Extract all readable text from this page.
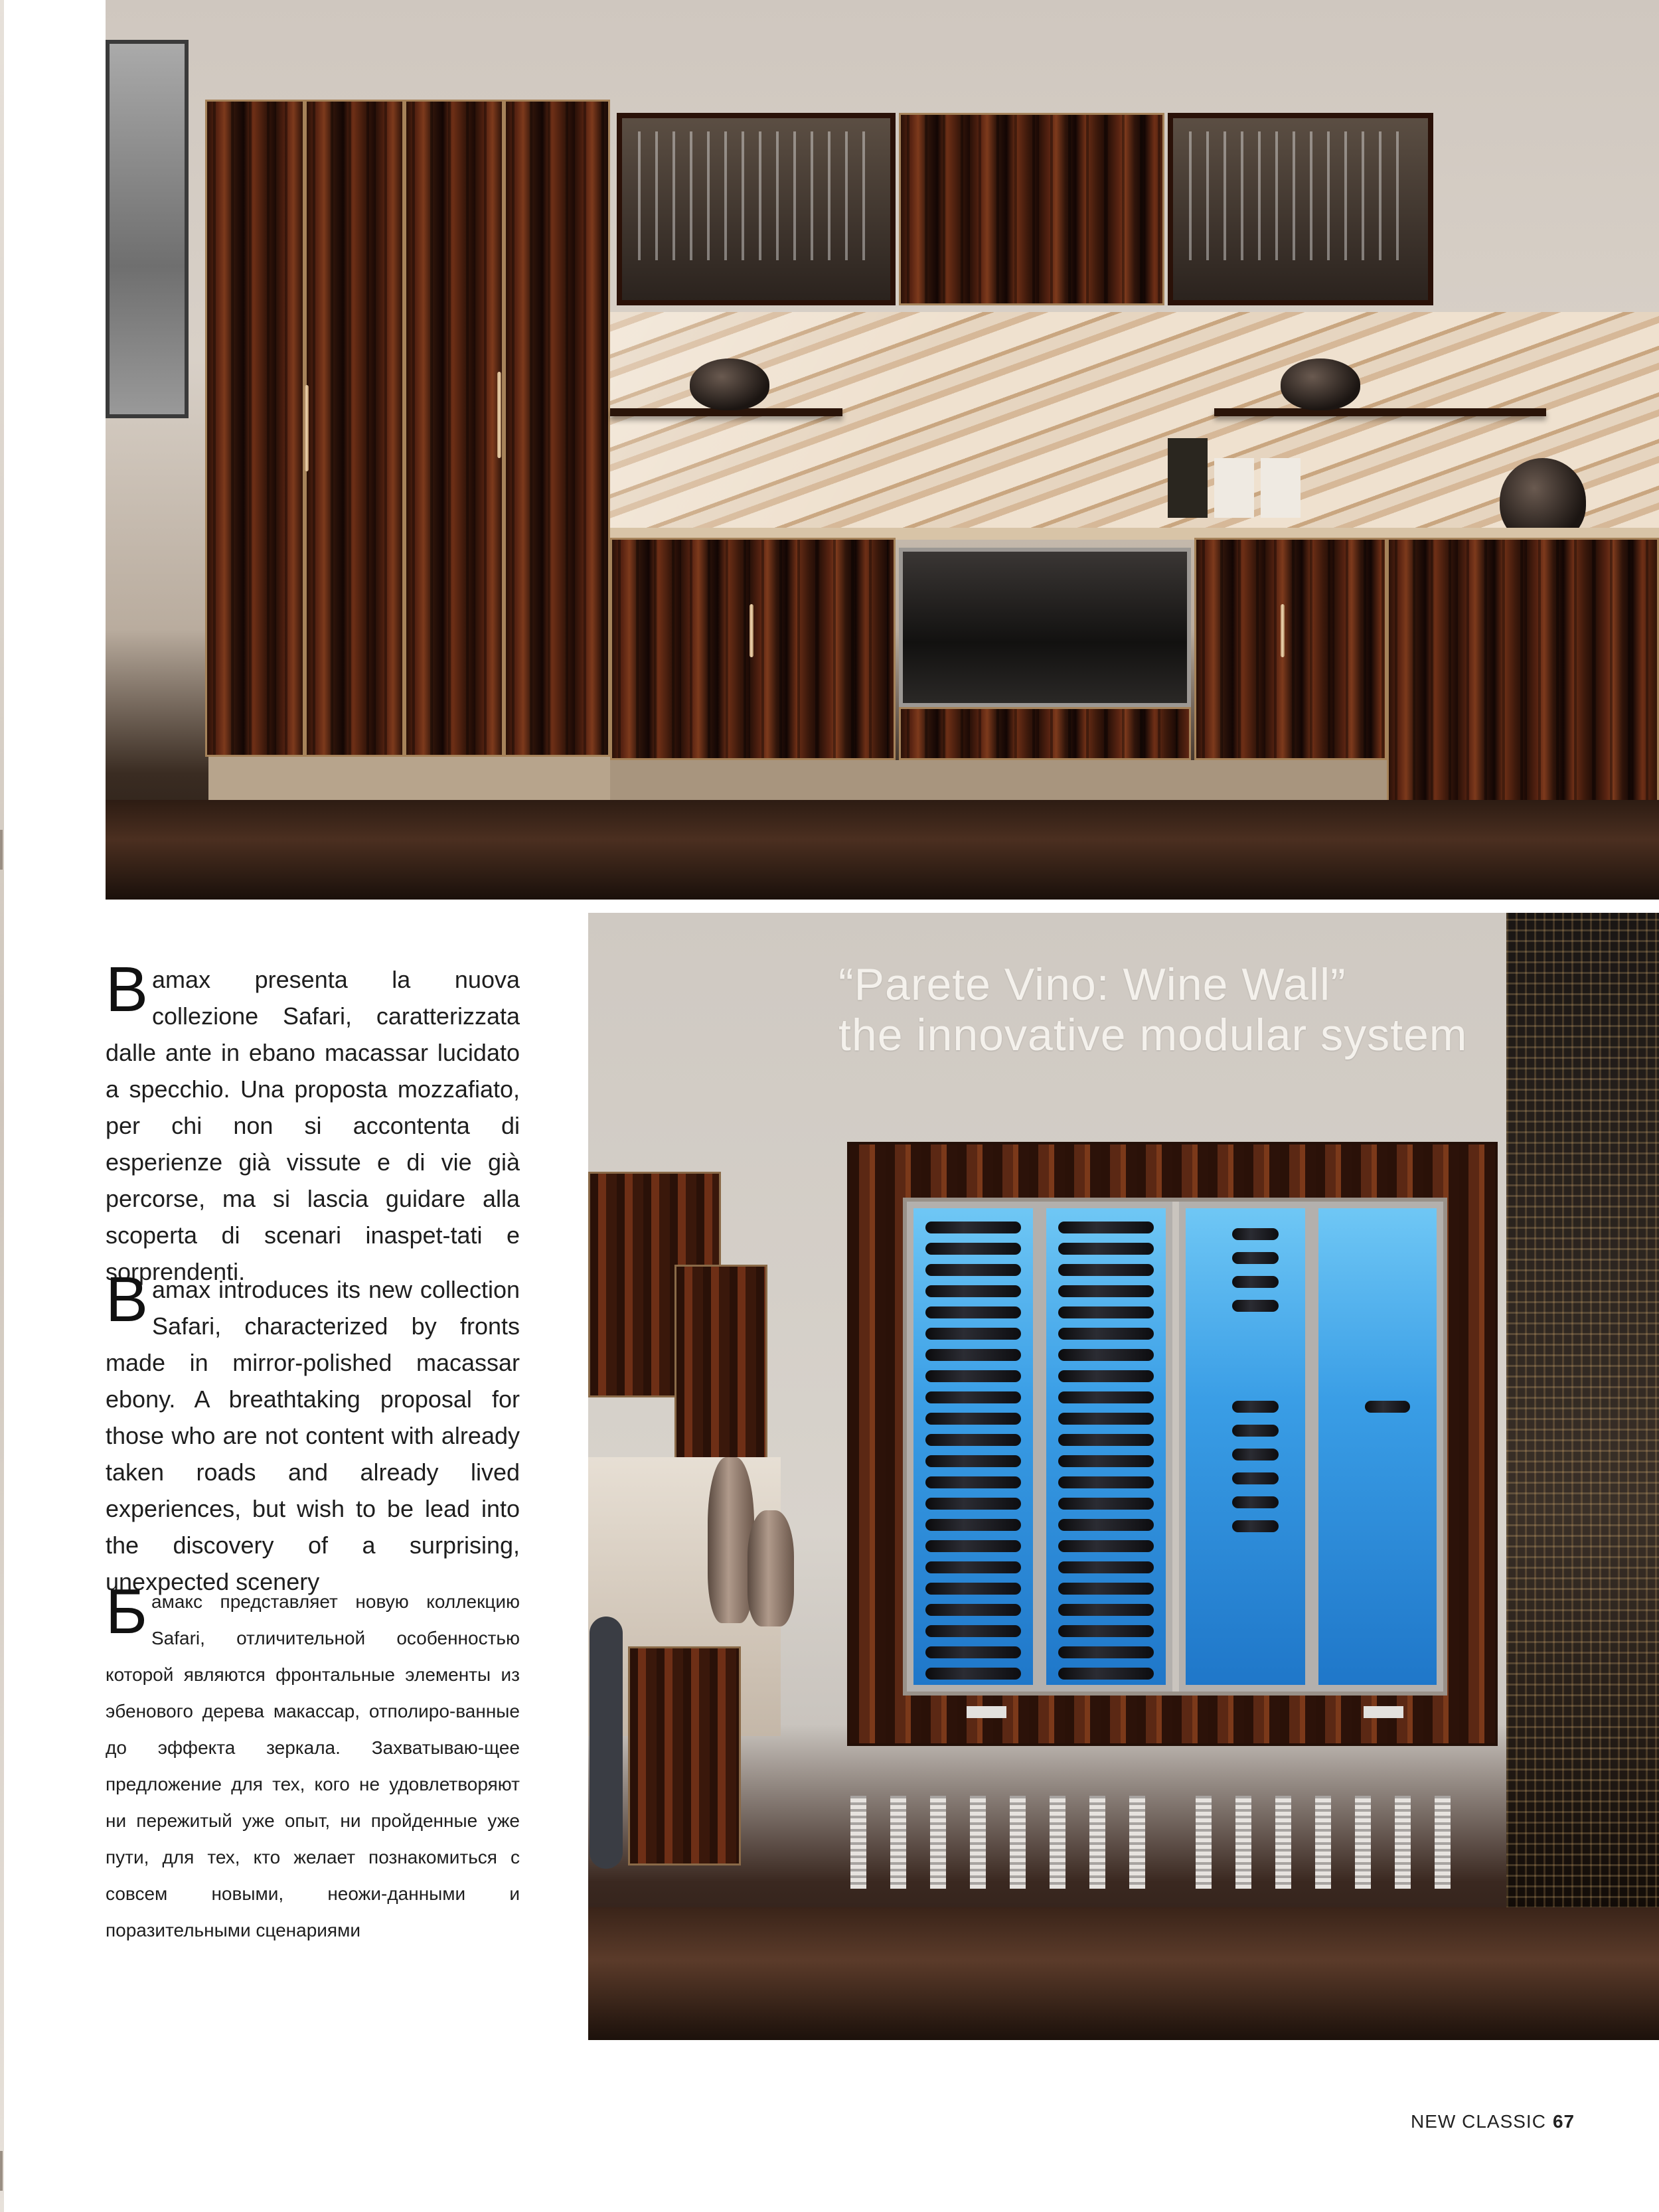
Bamax presenta la nuova collezione Safari, caratterizzata dalle ante in ebano macassar lucidato a specchio. Una proposta mozzafiato, per chi non si accontenta di esperienze già vissute e di vie già percorse, ma si lascia guidare alla scoperta di scenari inaspet-tati e sorprendenti.
Bamax introduces its new collection Safari, characterized by fronts made in mirror-polished macassar ebony. A breathtaking proposal for those who are not content with already taken roads and already lived experiences, but wish to be lead into the discovery of a surprising, unexpected scenery
Бамакс представляет новую коллекцию Safari, отличительной особенностью которой являются фронтальные элементы из эбенового дерева макассар, отполиро-ванные до эффекта зеркала. Захватываю-щее предложение для тех, кого не удовлетворяют ни пережитый уже опыт, ни пройденные уже пути, для тех, кто желает познакомиться с совсем новыми, неожи-данными и поразительными сценариями
“Parete Vino: Wine Wall”
the innovative modular system
NEW CLASSIC 67
